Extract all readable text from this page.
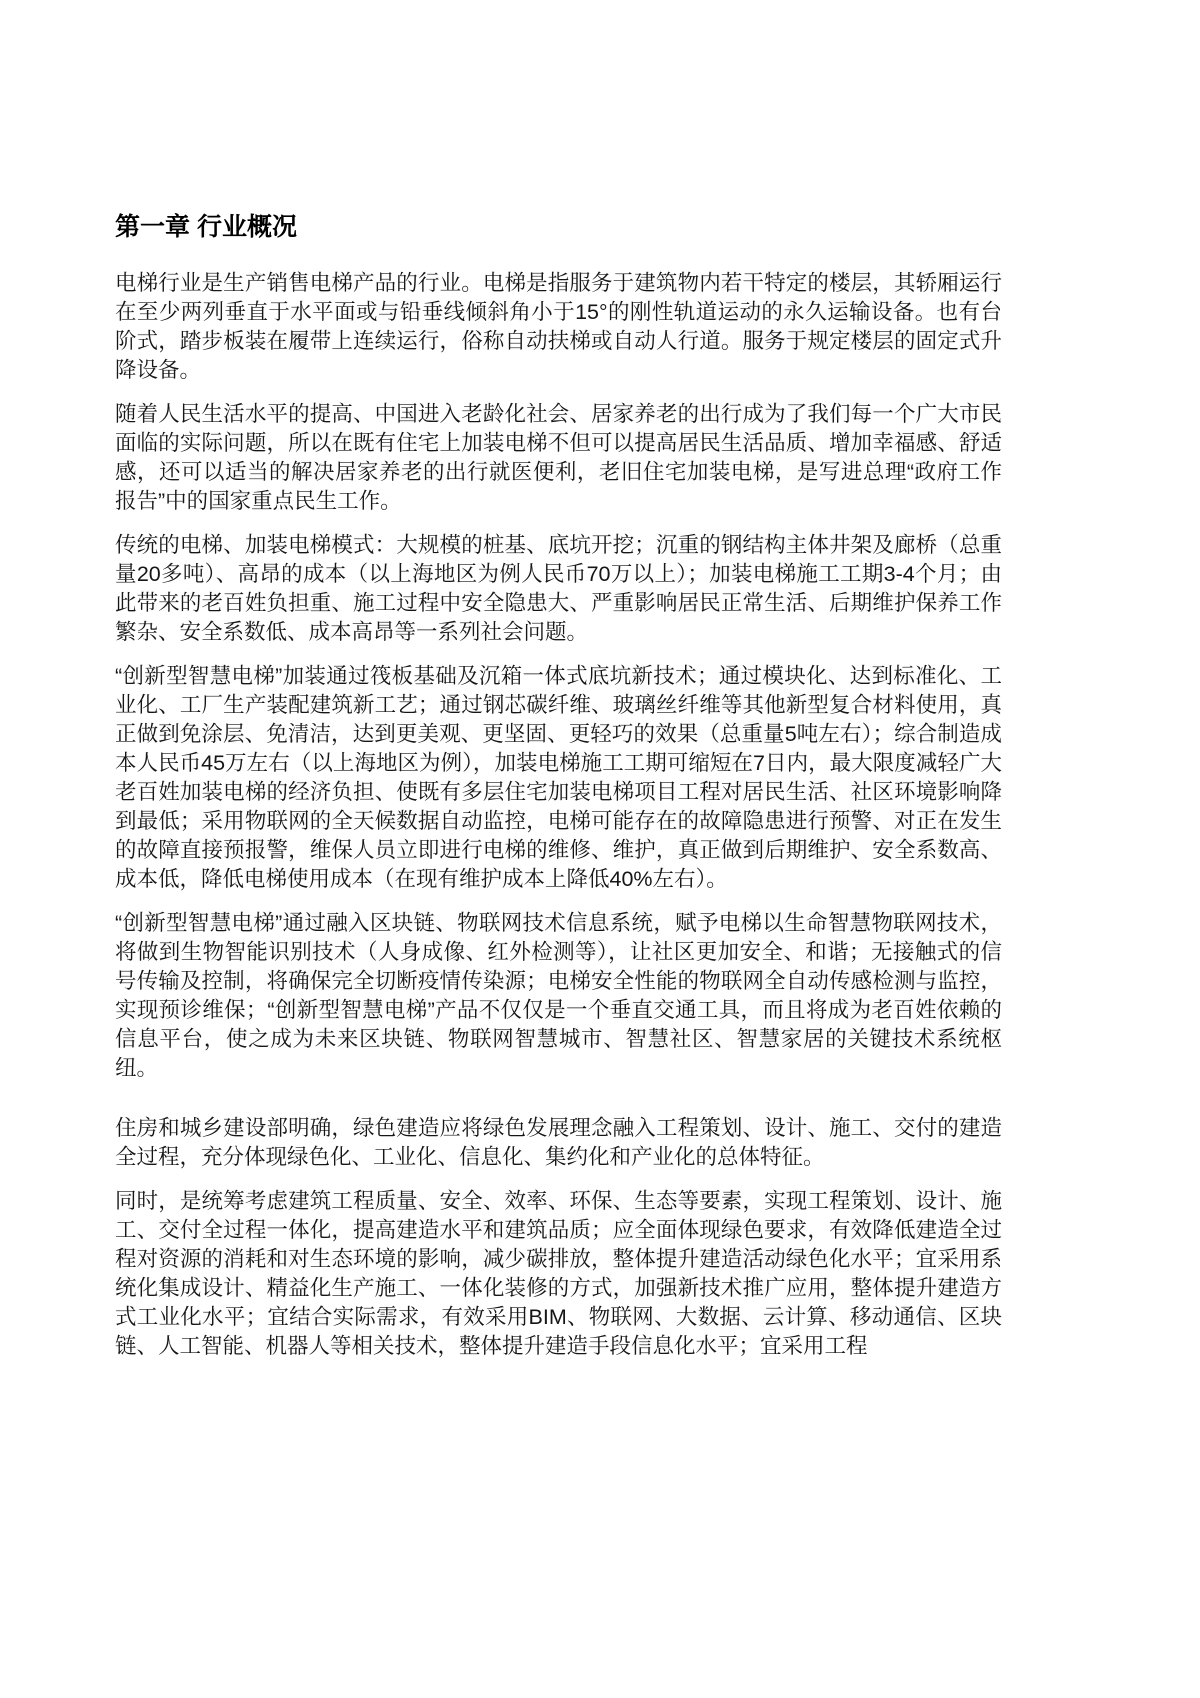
第一章 行业概况

电梯行业是生产销售电梯产品的行业。电梯是指服务于建筑物内若干特定的楼层，其轿厢运行在至少两列垂直于水平面或与铅垂线倾斜角小于15°的刚性轨道运动的永久运输设备。也有台阶式，踏步板装在履带上连续运行，俗称自动扶梯或自动人行道。服务于规定楼层的固定式升降设备。

随着人民生活水平的提高、中国进入老龄化社会、居家养老的出行成为了我们每一个广大市民面临的实际问题，所以在既有住宅上加装电梯不但可以提高居民生活品质、增加幸福感、舒适感，还可以适当的解决居家养老的出行就医便利，老旧住宅加装电梯，是写进总理“政府工作报告”中的国家重点民生工作。

传统的电梯、加装电梯模式：大规模的桩基、底坑开挖；沉重的钢结构主体井架及廊桥（总重量20多吨）、高昂的成本（以上海地区为例人民币70万以上）；加装电梯施工工期3-4个月；由此带来的老百姓负担重、施工过程中安全隐患大、严重影响居民正常生活、后期维护保养工作繁杂、安全系数低、成本高昂等一系列社会问题。

“创新型智慧电梯”加装通过筏板基础及沉箱一体式底坑新技术；通过模块化、达到标准化、工业化、工厂生产装配建筑新工艺；通过钢芯碳纤维、玻璃丝纤维等其他新型复合材料使用，真正做到免涂层、免清洁，达到更美观、更坚固、更轻巧的效果（总重量5吨左右）；综合制造成本人民币45万左右（以上海地区为例），加装电梯施工工期可缩短在7日内，最大限度减轻广大老百姓加装电梯的经济负担、使既有多层住宅加装电梯项目工程对居民生活、社区环境影响降到最低；采用物联网的全天候数据自动监控，电梯可能存在的故障隐患进行预警、对正在发生的故障直接预报警，维保人员立即进行电梯的维修、维护，真正做到后期维护、安全系数高、成本低，降低电梯使用成本（在现有维护成本上降低40%左右）。

“创新型智慧电梯”通过融入区块链、物联网技术信息系统，赋予电梯以生命智慧物联网技术，将做到生物智能识别技术（人身成像、红外检测等），让社区更加安全、和谐；无接触式的信号传输及控制，将确保完全切断疫情传染源；电梯安全性能的物联网全自动传感检测与监控，实现预诊维保；“创新型智慧电梯”产品不仅仅是一个垂直交通工具，而且将成为老百姓依赖的信息平台，使之成为未来区块链、物联网智慧城市、智慧社区、智慧家居的关键技术系统枢纽。

住房和城乡建设部明确，绿色建造应将绿色发展理念融入工程策划、设计、施工、交付的建造全过程，充分体现绿色化、工业化、信息化、集约化和产业化的总体特征。

同时，是统筹考虑建筑工程质量、安全、效率、环保、生态等要素，实现工程策划、设计、施工、交付全过程一体化，提高建造水平和建筑品质；应全面体现绿色要求，有效降低建造全过程对资源的消耗和对生态环境的影响，减少碳排放，整体提升建造活动绿色化水平；宜采用系统化集成设计、精益化生产施工、一体化装修的方式，加强新技术推广应用，整体提升建造方式工业化水平；宜结合实际需求，有效采用BIM、物联网、大数据、云计算、移动通信、区块链、人工智能、机器人等相关技术，整体提升建造手段信息化水平；宜采用工程
